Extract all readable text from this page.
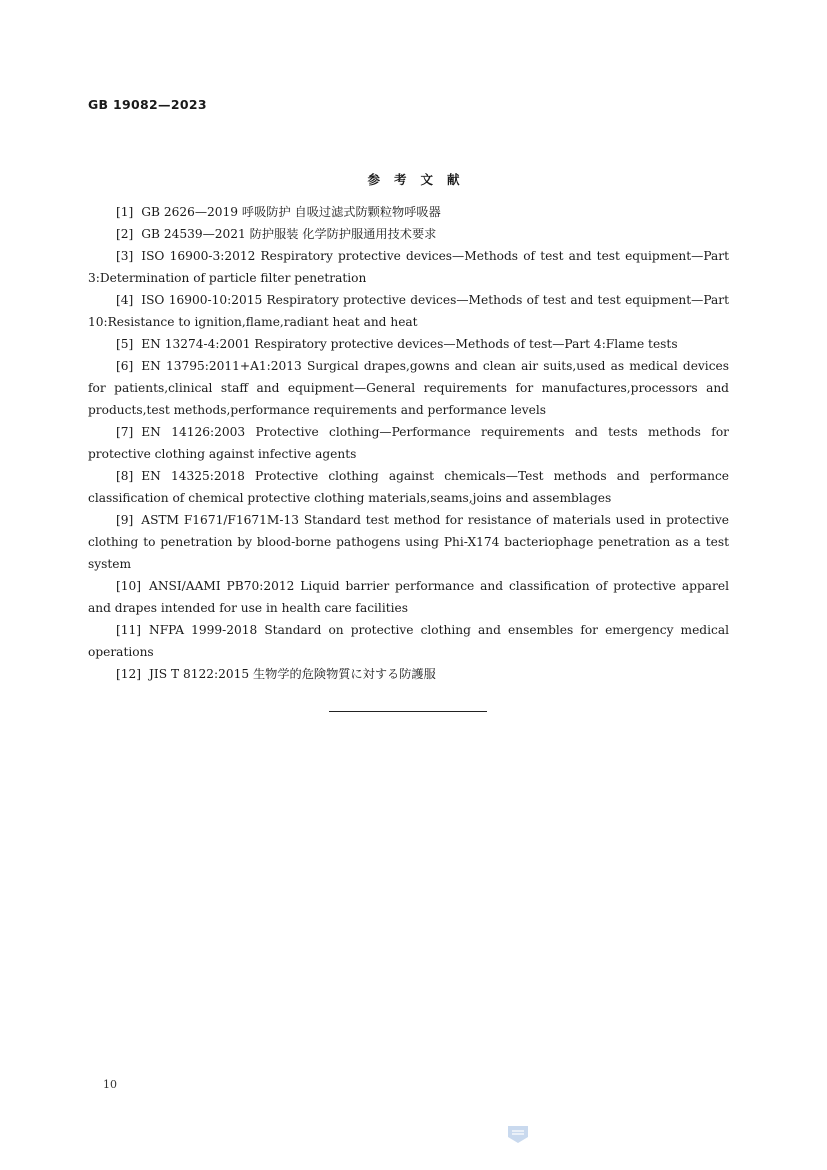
GB 19082—2023
参考文献

[1] GB 2626—2019 呼吸防护 自吸过滤式防颗粒物呼吸器

[2] GB 24539—2021 防护服装 化学防护服通用技术要求

[3] ISO 16900-3:2012 Respiratory protective devices—Methods of test and test equipment—Part 3:Determination of particle filter penetration

[4] ISO 16900-10:2015 Respiratory protective devices—Methods of test and test equipment—Part 10:Resistance to ignition,flame,radiant heat and heat

[5] EN 13274-4:2001 Respiratory protective devices—Methods of test—Part 4:Flame tests

[6] EN 13795:2011+A1:2013 Surgical drapes,gowns and clean air suits,used as medical devices for patients,clinical staff and equipment—General requirements for manufactures,processors and products,test methods,performance requirements and performance levels

[7] EN 14126:2003 Protective clothing—Performance requirements and tests methods for protective clothing against infective agents

[8] EN 14325:2018 Protective clothing against chemicals—Test methods and performance classification of chemical protective clothing materials,seams,joins and assemblages

[9] ASTM F1671/F1671M-13 Standard test method for resistance of materials used in protective clothing to penetration by blood-borne pathogens using Phi-X174 bacteriophage penetration as a test system

[10] ANSI/AAMI PB70:2012 Liquid barrier performance and classification of protective apparel and drapes intended for use in health care facilities

[11] NFPA 1999-2018 Standard on protective clothing and ensembles for emergency medical operations

[12] JIS T 8122:2015 生物学的危険物質に対する防護服

10
